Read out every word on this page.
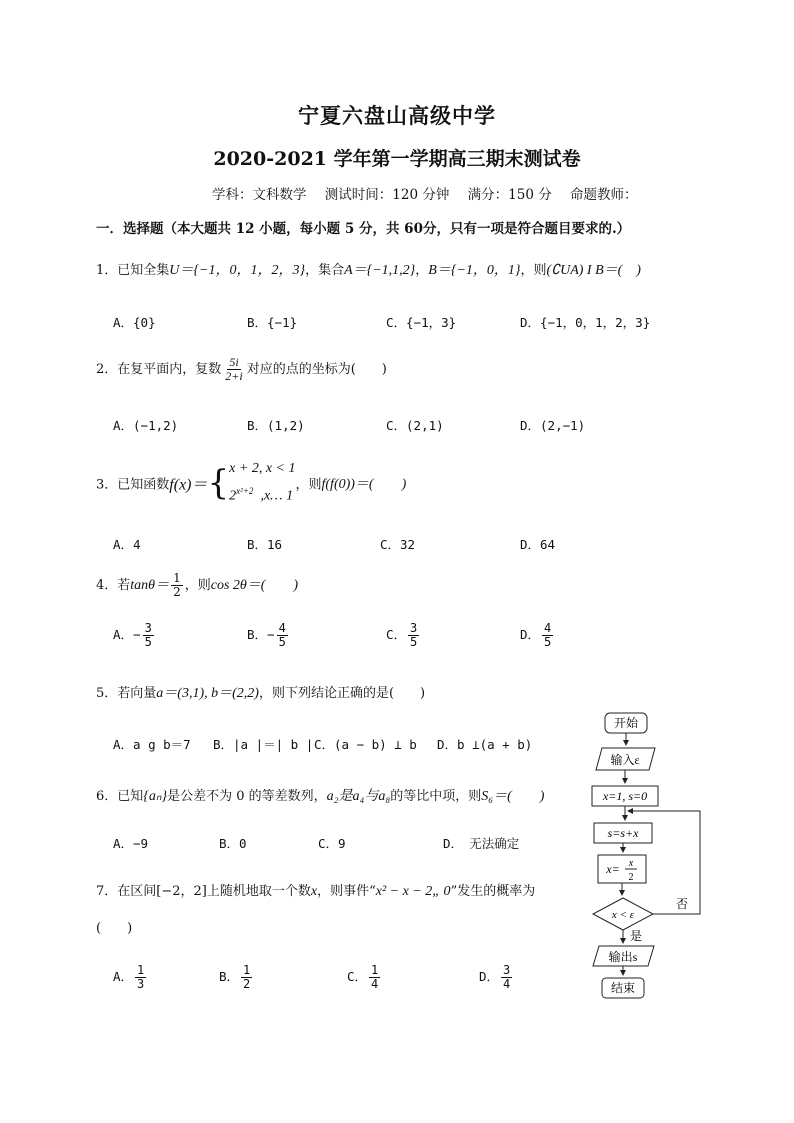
宁夏六盘山高级中学
2020-2021 学年第一学期高三期末测试卷
学科：文科数学 测试时间：120 分钟 满分：150 分 命题教师：
一．选择题（本大题共 12 小题，每小题 5 分，共 60分，只有一项是符合题目要求的.）
1．已知全集U＝{−1，0，1，2，3}，集合A＝{−1,1,2}，B＝{−1，0，1}，则(∁UA) I B＝(　)
A．{0}	B．{−1}	C．{−1，3}	D．{−1，0，1，2，3}
2．在复平面内，复数 $\frac{5i}{2+i}$ 对应的点的坐标为(　　)
A．(−1,2)	B．(1,2)	C．(2,1)	D．(2,−1)
3．已知函数f(x)＝{ x + 2, x < 1
$2^{x^2+2}$ ,x… 1
，则f(f(0))＝(　　)
A．4	B．16	C．32	D．64
4．若$\tan\theta= \frac{1}{2}$ ，则cos 2θ＝(　　)
A．− $\frac{3}{5}$	B．− $\frac{4}{5}$	C． $\frac{3}{5}$	D． $\frac{4}{5}$
5．若向量a＝(3,1), b＝(2,2)，则下列结论正确的是(　　)
A．a g b＝7 B．|a |＝| b | C．(a − b) ⊥ b D．b ⊥(a + b)
6．已知{aₙ}是公差不为 0 的等差数列，a₂是a₄与a₈的等比中项，则S₆＝(　　)
A．−9	B．0	C．9	D．　无法确定
7．在区间[−2，2]上随机地取一个数x，则事件“x² − x − 2„ 0”发生的概率为
(　　)
A． $\frac{1}{3}$	B． $\frac{1}{2}$	C． $\frac{1}{4}$	D． $\frac{3}{4}$
开始
输入ε
x=1, s=0
s=s+x
x= x
2
x < ε
否
是
输出s
结束
